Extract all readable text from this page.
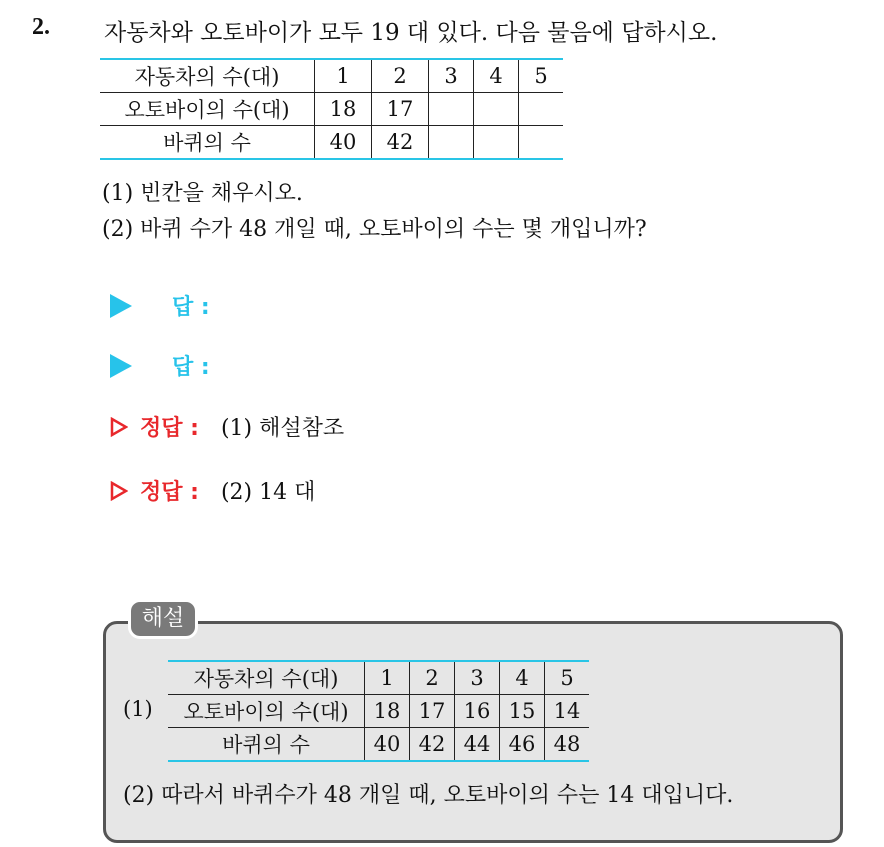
2. 자동차와 오토바이가 모두 19 대 있다. 다음 물음에 답하시오.
자동차의 수(대)	1	2	3	4	5
오토바이의 수(대)	18	17			
바퀴의 수	40	42			
(1) 빈칸을 채우시오.
(2) 바퀴 수가 48 개일 때, 오토바이의 수는 몇 개입니까?
답 :
답 :
정답 : (1) 해설참조
정답 : (2) 14 대
해설
(1)
자동차의 수(대)	1	2	3	4	5
오토바이의 수(대)	18	17	16	15	14
바퀴의 수	40	42	44	46	48
(2) 따라서 바퀴수가 48 개일 때, 오토바이의 수는 14 대입니다.
